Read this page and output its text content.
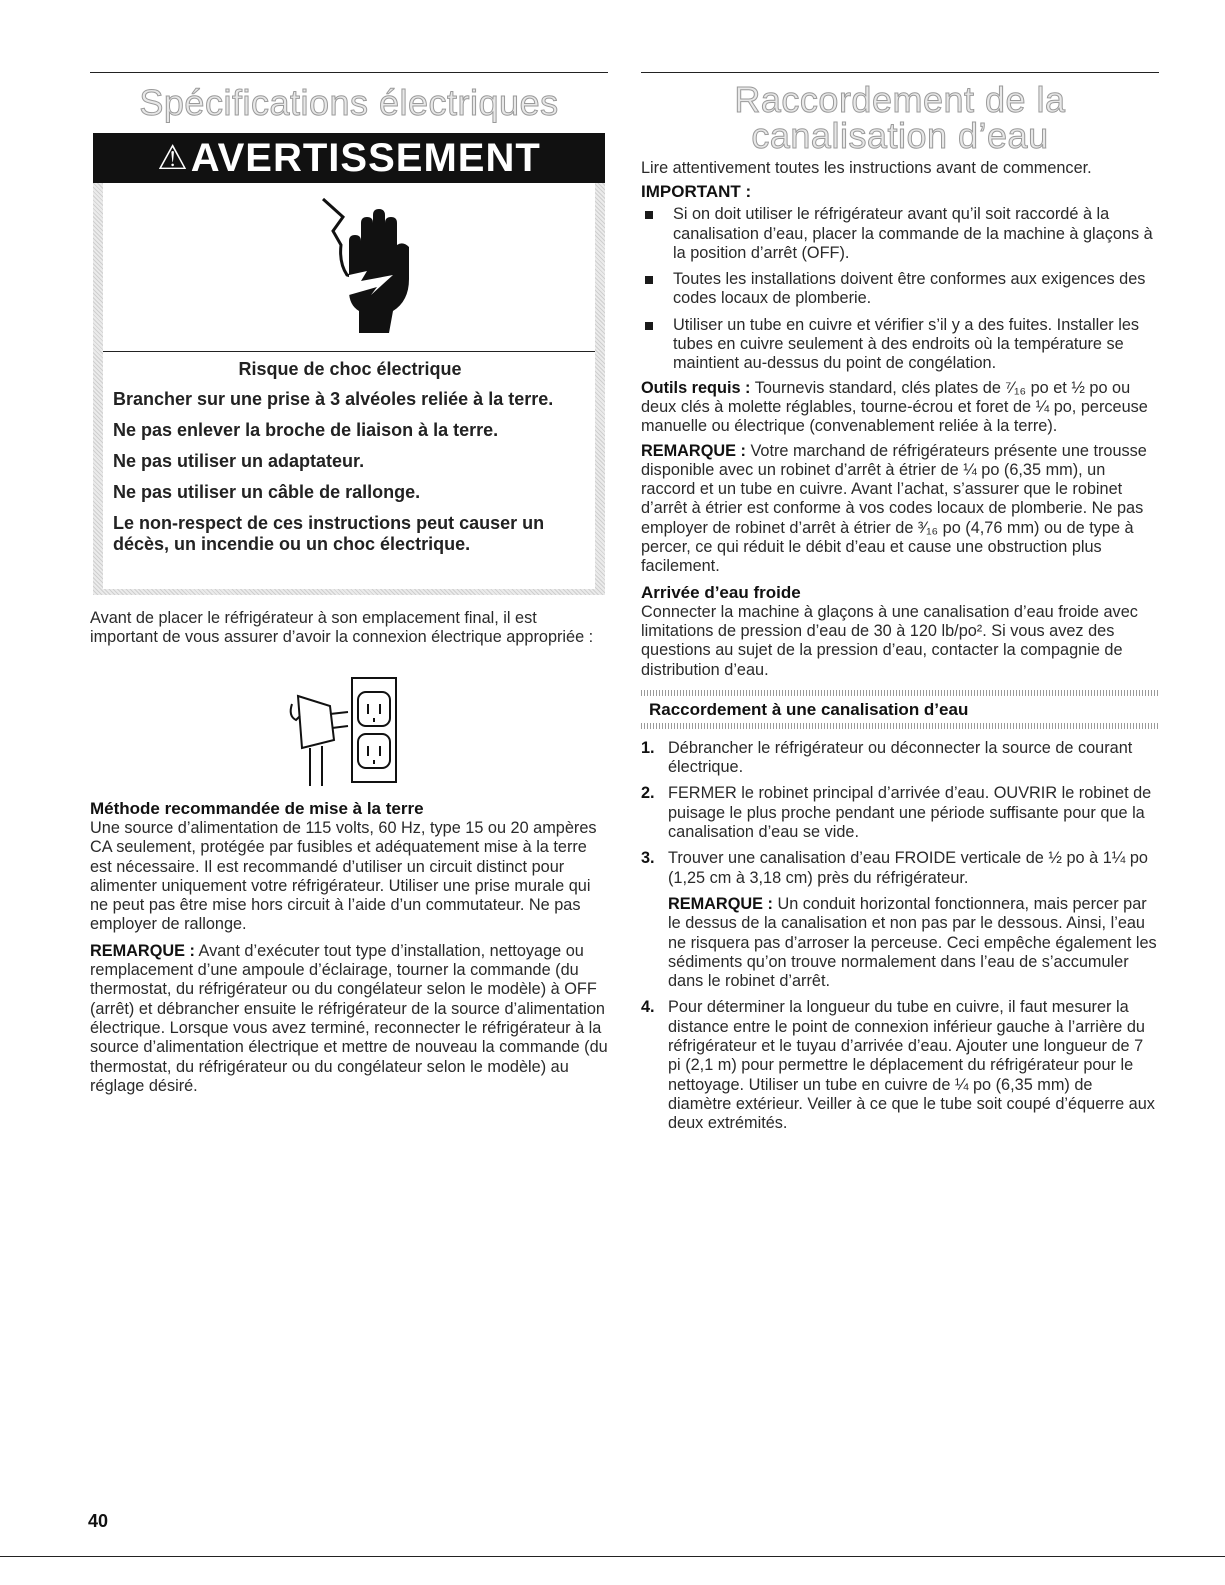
Spécifications électriques
⚠AVERTISSEMENT

Risque de choc électrique

Brancher sur une prise à 3 alvéoles reliée à la terre.

Ne pas enlever la broche de liaison à la terre.

Ne pas utiliser un adaptateur.

Ne pas utiliser un câble de rallonge.

Le non-respect de ces instructions peut causer un décès, un incendie ou un choc électrique.

Avant de placer le réfrigérateur à son emplacement final, il est important de vous assurer d’avoir la connexion électrique appropriée :

Méthode recommandée de mise à la terre

Une source d’alimentation de 115 volts, 60 Hz, type 15 ou 20 ampères CA seulement, protégée par fusibles et adéquatement mise à la terre est nécessaire. Il est recommandé d’utiliser un circuit distinct pour alimenter uniquement votre réfrigérateur. Utiliser une prise murale qui ne peut pas être mise hors circuit à l’aide d’un commutateur. Ne pas employer de rallonge.

REMARQUE : Avant d’exécuter tout type d’installation, nettoyage ou remplacement d’une ampoule d’éclairage, tourner la commande (du thermostat, du réfrigérateur ou du congélateur selon le modèle) à OFF (arrêt) et débrancher ensuite le réfrigérateur de la source d’alimentation électrique. Lorsque vous avez terminé, reconnecter le réfrigérateur à la source d’alimentation électrique et mettre de nouveau la commande (du thermostat, du réfrigérateur ou du congélateur selon le modèle) au réglage désiré.

Raccordement de la
canalisation d’eau

Lire attentivement toutes les instructions avant de commencer.

IMPORTANT :

Si on doit utiliser le réfrigérateur avant qu’il soit raccordé à la canalisation d’eau, placer la commande de la machine à glaçons à la position d’arrêt (OFF).

Toutes les installations doivent être conformes aux exigences des codes locaux de plomberie.

Utiliser un tube en cuivre et vérifier s’il y a des fuites. Installer les tubes en cuivre seulement à des endroits où la température se maintient au-dessus du point de congélation.

Outils requis : Tournevis standard, clés plates de ⁷⁄₁₆ po et ½ po ou deux clés à molette réglables, tourne-écrou et foret de ¼ po, perceuse manuelle ou électrique (convenablement reliée à la terre).

REMARQUE : Votre marchand de réfrigérateurs présente une trousse disponible avec un robinet d’arrêt à étrier de ¼ po (6,35 mm), un raccord et un tube en cuivre. Avant l’achat, s’assurer que le robinet d’arrêt à étrier est conforme à vos codes locaux de plomberie. Ne pas employer de robinet d’arrêt à étrier de ³⁄₁₆ po (4,76 mm) ou de type à percer, ce qui réduit le débit d’eau et cause une obstruction plus facilement.

Arrivée d’eau froide

Connecter la machine à glaçons à une canalisation d’eau froide avec limitations de pression d’eau de 30 à 120 lb/po². Si vous avez des questions au sujet de la pression d’eau, contacter la compagnie de distribution d’eau.

Raccordement à une canalisation d’eau

1. Débrancher le réfrigérateur ou déconnecter la source de courant électrique.

2. FERMER le robinet principal d’arrivée d’eau. OUVRIR le robinet de puisage le plus proche pendant une période suffisante pour que la canalisation d’eau se vide.

3. Trouver une canalisation d’eau FROIDE verticale de ½ po à 1¼ po (1,25 cm à 3,18 cm) près du réfrigérateur.

REMARQUE : Un conduit horizontal fonctionnera, mais percer par le dessus de la canalisation et non pas par le dessous. Ainsi, l’eau ne risquera pas d’arroser la perceuse. Ceci empêche également les sédiments qu’on trouve normalement dans l’eau de s’accumuler dans le robinet d’arrêt.

4. Pour déterminer la longueur du tube en cuivre, il faut mesurer la distance entre le point de connexion inférieur gauche à l’arrière du réfrigérateur et le tuyau d’arrivée d’eau. Ajouter une longueur de 7 pi (2,1 m) pour permettre le déplacement du réfrigérateur pour le nettoyage. Utiliser un tube en cuivre de ¼ po (6,35 mm) de diamètre extérieur. Veiller à ce que le tube soit coupé d’équerre aux deux extrémités.

40
